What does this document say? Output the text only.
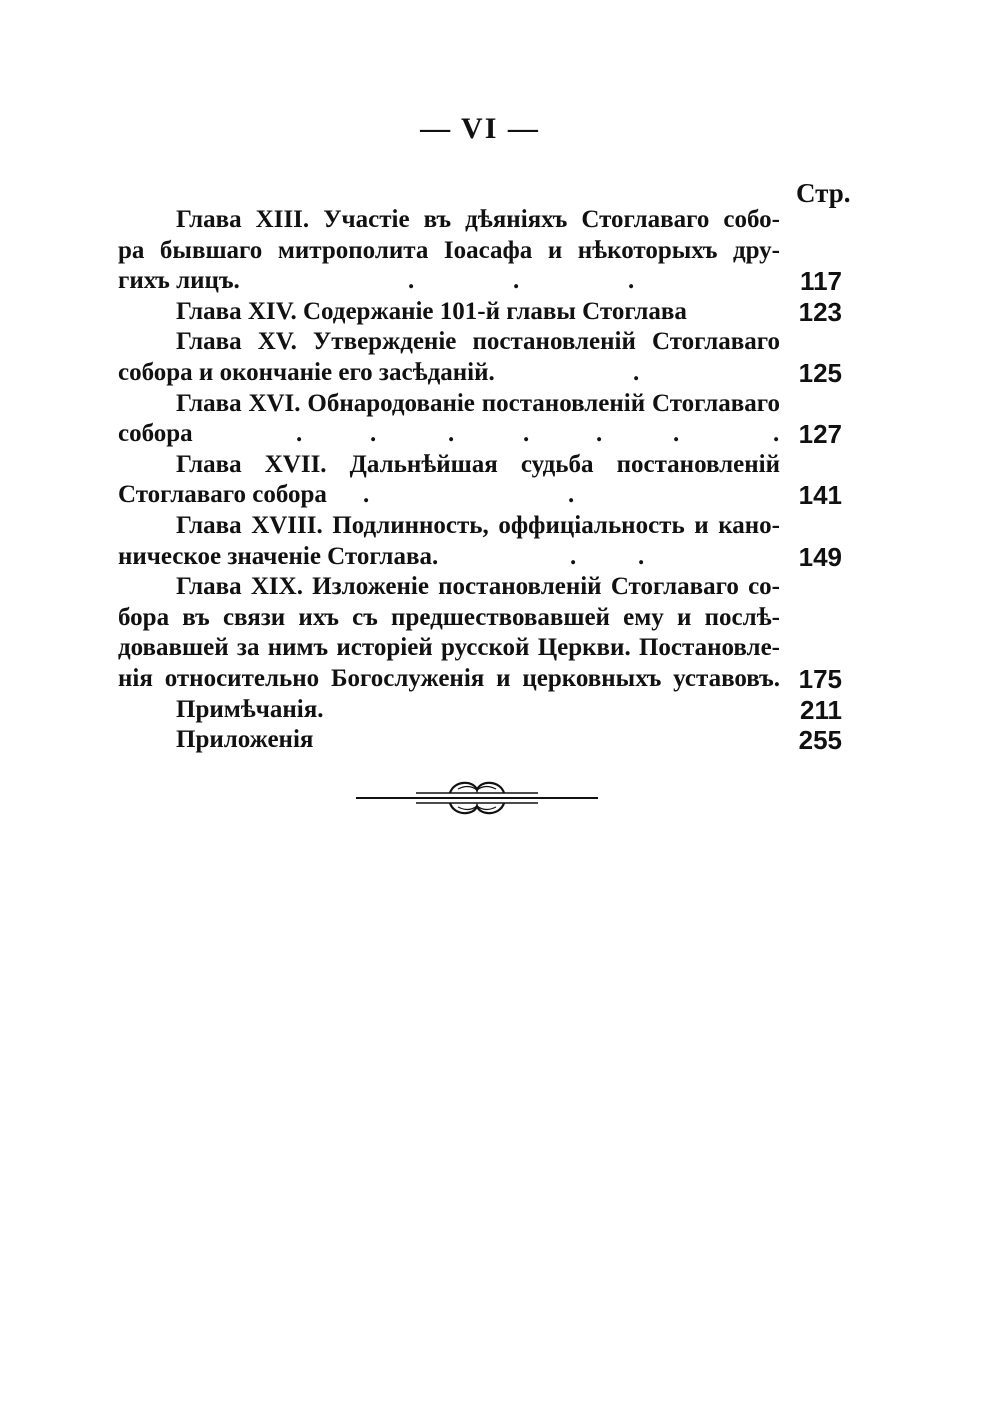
— VI —
Стр.
Глава XIII. Участіе въ дѣяніяхъ Стоглаваго собо-
ра бывшаго митрополита Іоасафа и нѣкоторыхъ дру-
гихъ лицъ.	.	.	.	117
Глава XIV. Содержаніе 101-й главы Стоглава	123
Глава XV. Утвержденіе постановленій Стоглаваго
собора и окончаніе его засѣданій.	.	125
Глава XVI. Обнародованіе постановленій Стоглаваго
собора	.	.	.	.	.	.	. 127
Глава XVII. Дальнѣйшая судьба постановленій
Стоглаваго собора .	.	141
Глава XVIII. Подлинность, оффиціальность и кано-
ническое значеніе Стоглава.	. .	149
Глава XIX. Изложеніе постановленій Стоглаваго со-
бора въ связи ихъ съ предшествовавшей ему и послѣ-
довавшей за нимъ исторіей русской Церкви. Постановле-
нія относительно Богослуженія и церковныхъ уставовъ. 175
Примѣчанія.	211
Приложенія	255
